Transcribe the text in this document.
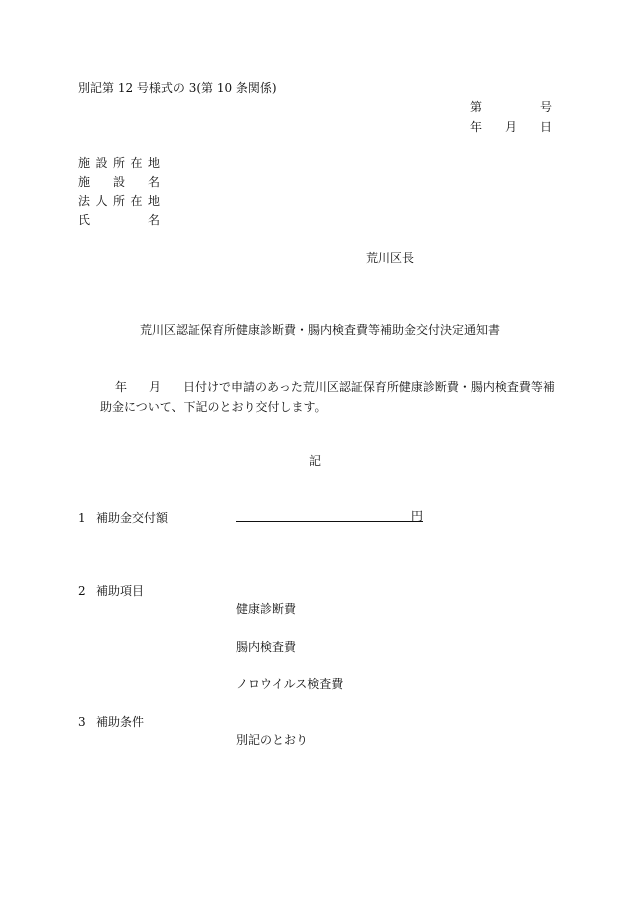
別記第 12 号様式の 3(第 10 条関係)
第	号
年 月 日
施設所在地
施設名
法人所在地
氏名
荒川区長
荒川区認証保育所健康診断費・腸内検査費等補助金交付決定通知書
年 月 日付けで申請のあった荒川区認証保育所健康診断費・腸内検査費等補
助金について、下記のとおり交付します。
記
1 補助金交付額	円
2 補助項目
健康診断費
腸内検査費
ノロウイルス検査費
3 補助条件
別記のとおり
